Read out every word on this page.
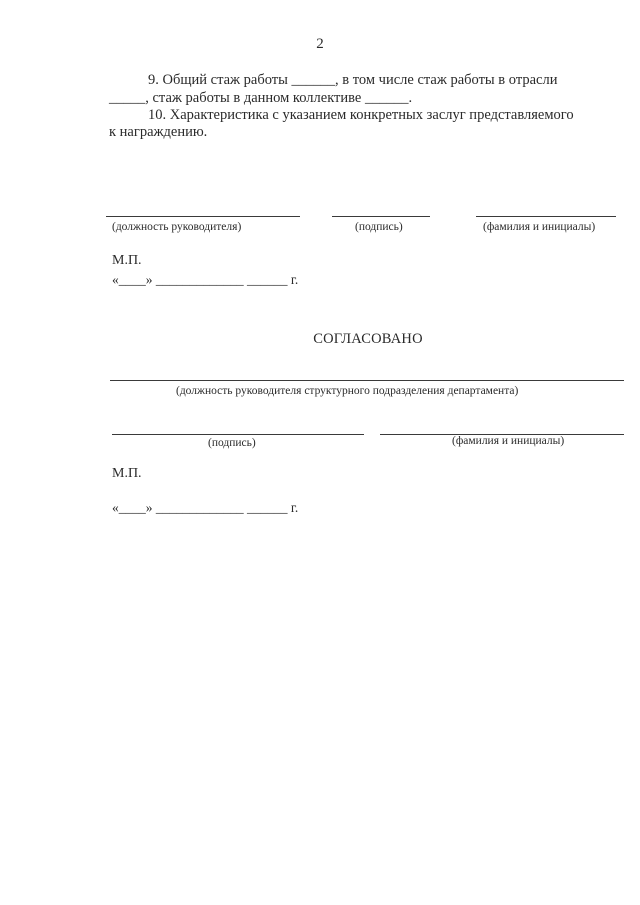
2
9. Общий стаж работы ______, в том числе стаж работы в отрасли
_____, стаж работы в данном коллективе ______.
10. Характеристика с указанием конкретных заслуг представляемого
к награждению.
(должность руководителя)	(подпись)	(фамилия и инициалы)
М.П.
«____» _____________ ______ г.
СОГЛАСОВАНО
(должность руководителя структурного подразделения департамента)
(подпись)	(фамилия и инициалы)
М.П.
«____» _____________ ______ г.
